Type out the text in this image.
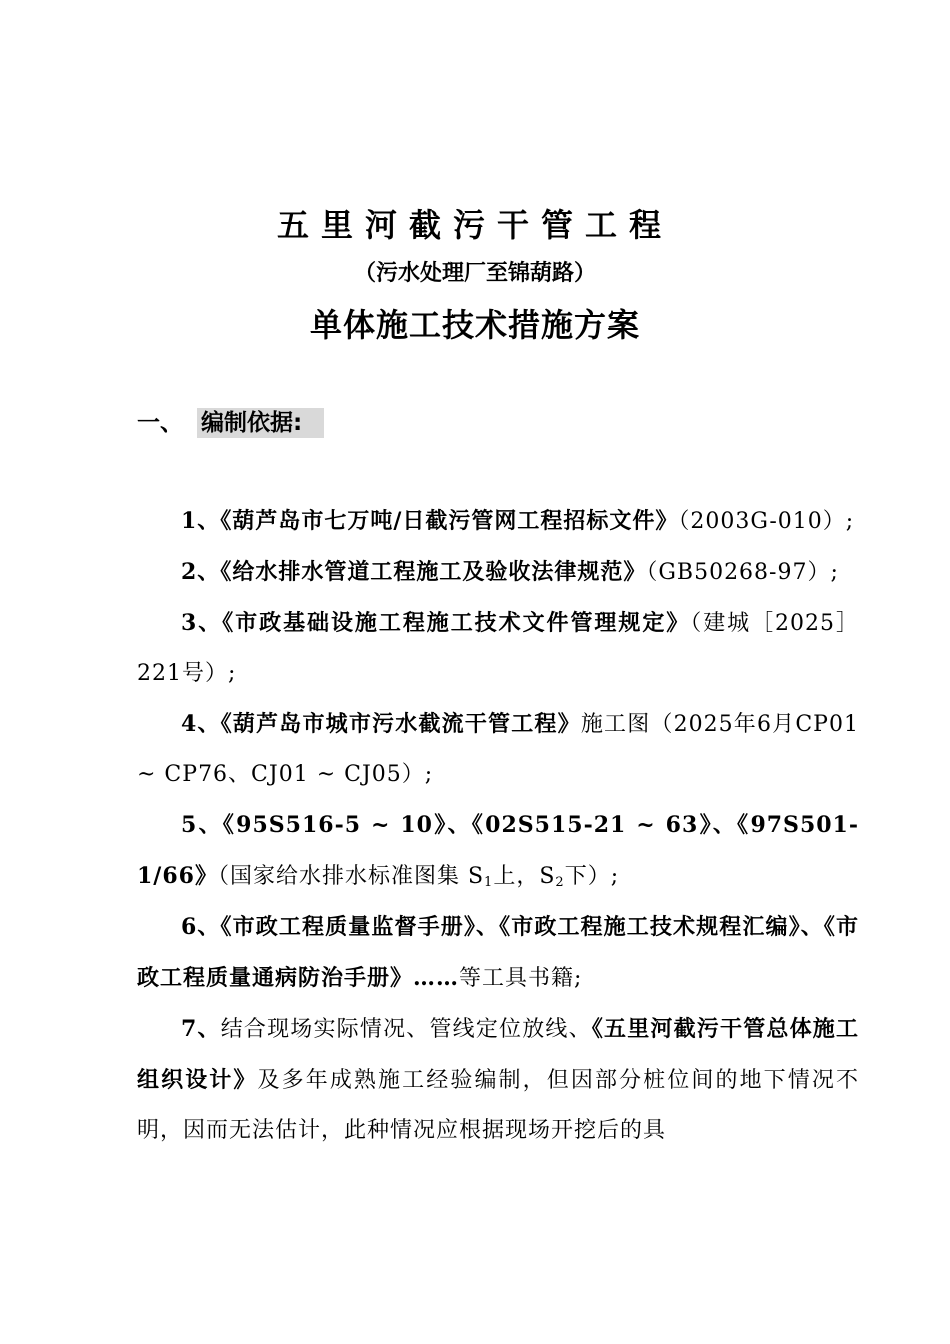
五里河截污干管工程
（污水处理厂至锦葫路）
单体施工技术措施方案
一、 编制依据:

1、《葫芦岛市七万吨/日截污管网工程招标文件》（2003G-010）;

2、《给水排水管道工程施工及验收法律规范》（GB50268-97）;

3、《市政基础设施工程施工技术文件管理规定》（建城［2025］221号）;

4、《葫芦岛市城市污水截流干管工程》施工图（2025年6月CP01 ~ CP76、CJ01 ~ CJ05）;

5、《95S516-5 ~ 10》、《02S515-21 ~ 63》、《97S501-1/66》（国家给水排水标准图集 $S_1$上，$S_2$下）;

6、《市政工程质量监督手册》、《市政工程施工技术规程汇编》、《市政工程质量通病防治手册》……等工具书籍;

7、结合现场实际情况、管线定位放线、《五里河截污干管总体施工组织设计》及多年成熟施工经验编制，但因部分桩位间的地下情况不明，因而无法估计，此种情况应根据现场开挖后的具
